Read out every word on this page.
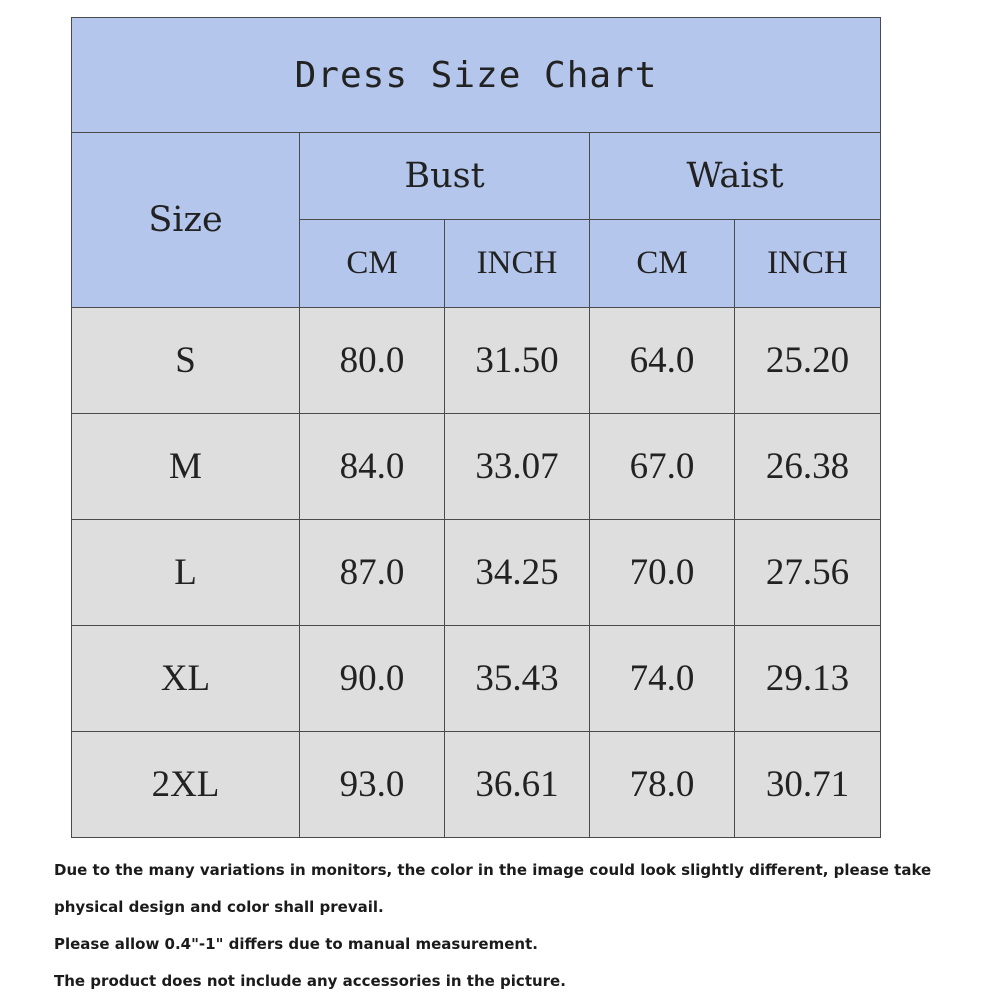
Dress Size Chart				
Size	Bust		Waist	
	CM	INCH	CM	INCH
S	80.0	31.50	64.0	25.20
M	84.0	33.07	67.0	26.38
L	87.0	34.25	70.0	27.56
XL	90.0	35.43	74.0	29.13
2XL	93.0	36.61	78.0	30.71

Due to the many variations in monitors, the color in the image could look slightly different, please take

physical design and color shall prevail.

Please allow 0.4"-1" differs due to manual measurement.

The product does not include any accessories in the picture.
